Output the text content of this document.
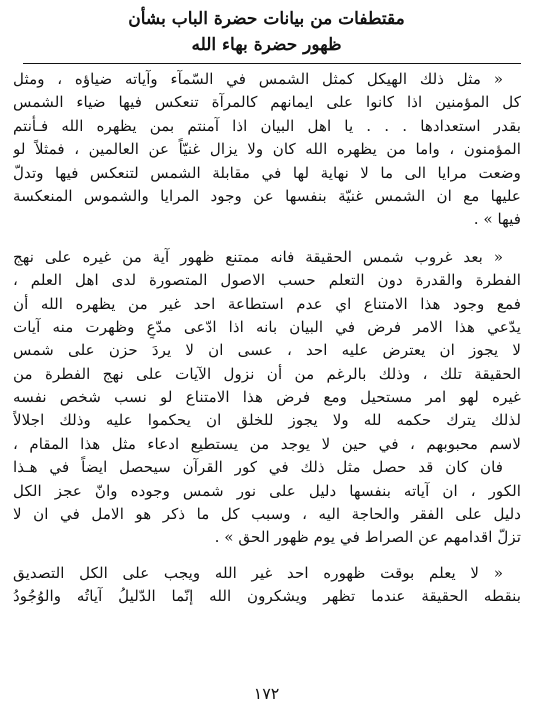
مقتطفات من بيانات حضرة الباب بشأن
ظهور حضرة بهاء الله
« مثل ذلك الهيكل كمثل الشمس في السّمآء وآياته ضياؤه ، ومثل
كل المؤمنين اذا كانوا على ايمانهم كالمرآة تنعكس فيها ضياء الشمس
بقدر استعدادها . . . يا اهل البيان اذا آمنتم بمن يظهره الله فـأنتم
المؤمنون ، واما من يظهره الله كان ولا يزال غنيّاً عن العالمين ، فمثلاً لو
وضعت مرايا الى ما لا نهاية لها في مقابلة الشمس لتنعكس فيها وتدلّ
عليها مع ان الشمس غنيّة بنفسها عن وجود المرايا والشموس المنعكسة
فيها » .
« بعد غروب شمس الحقيقة فانه ممتنع ظهور آية من غيره على نهج
الفطرة والقدرة دون التعلم حسب الاصول المتصورة لدى اهل العلم ،
فمع وجود هذا الامتناع اي عدم استطاعة احد غير من يظهره الله أن
يدّعي هذا الامر فرض في البيان بانه اذا ادّعى مدّعٍ وظهرت منه آيات
لا يجوز ان يعترض عليه احد ، عسى ان لا يردَ حزن على شمس
الحقيقة تلك ، وذلك بالرغم من أن نزول الآيات على نهج الفطرة من
غيره لهو امر مستحيل ومع فرض هذا الامتناع لو نسب شخص نفسه
لذلك يترك حكمه لله ولا يجوز للخلق ان يحكموا عليه وذلك اجلالاً
لاسم محبوبهم ، في حين لا يوجد من يستطيع ادعاء مثل هذا المقام ،
فان كان قد حصل مثل ذلك في كور القرآن سيحصل ايضاً في هـذا
الكور ، ان آياته بنفسها دليل على نور شمس وجوده وانّ عجز الكل
دليل على الفقر والحاجة اليه ، وسبب كل ما ذكر هو الامل في ان لا
تزلّ اقدامهم عن الصراط في يوم ظهور الحق » .
« لا يعلم بوقت ظهوره احد غير الله ويجب على الكل التصديق
بنقطه الحقيقة عندما تظهر ويشكرون الله إنّما الدّليلُ آياتُه والوُجُودُ
١٧٢
